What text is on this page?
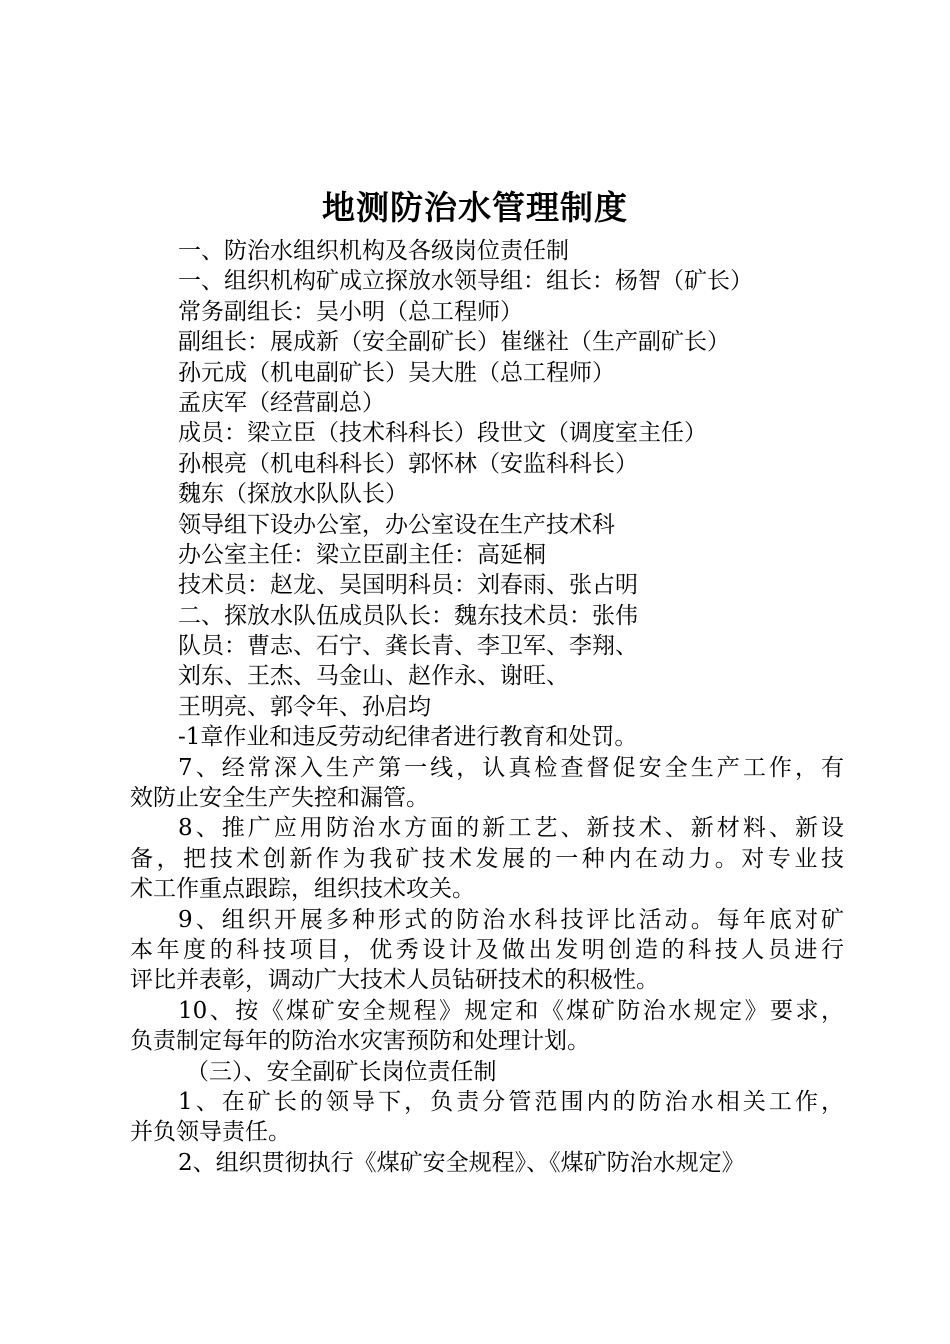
地测防治水管理制度
一、防治水组织机构及各级岗位责任制
一、组织机构矿成立探放水领导组：组长：杨智（矿长）
常务副组长：吴小明（总工程师）
副组长：展成新（安全副矿长）崔继社（生产副矿长）
孙元成（机电副矿长）吴大胜（总工程师）
孟庆军（经营副总）
成员：梁立臣（技术科科长）段世文（调度室主任）
孙根亮（机电科科长）郭怀林（安监科科长）
魏东（探放水队队长）
领导组下设办公室，办公室设在生产技术科
办公室主任：梁立臣副主任：高延桐
技术员：赵龙、吴国明科员：刘春雨、张占明
二、探放水队伍成员队长：魏东技术员：张伟
队员：曹志、石宁、龚长青、李卫军、李翔、
刘东、王杰、马金山、赵作永、谢旺、
王明亮、郭令年、孙启均
-1章作业和违反劳动纪律者进行教育和处罚。
7、经常深入生产第一线，认真检查督促安全生产工作，有
效防止安全生产失控和漏管。
8、推广应用防治水方面的新工艺、新技术、新材料、新设
备，把技术创新作为我矿技术发展的一种内在动力。对专业技
术工作重点跟踪，组织技术攻关。
9、组织开展多种形式的防治水科技评比活动。每年底对矿
本年度的科技项目，优秀设计及做出发明创造的科技人员进行
评比并表彰，调动广大技术人员钻研技术的积极性。
10、按《煤矿安全规程》规定和《煤矿防治水规定》要求，
负责制定每年的防治水灾害预防和处理计划。
（三）、安全副矿长岗位责任制
1、在矿长的领导下，负责分管范围内的防治水相关工作，
并负领导责任。
2、组织贯彻执行《煤矿安全规程》、《煤矿防治水规定》
